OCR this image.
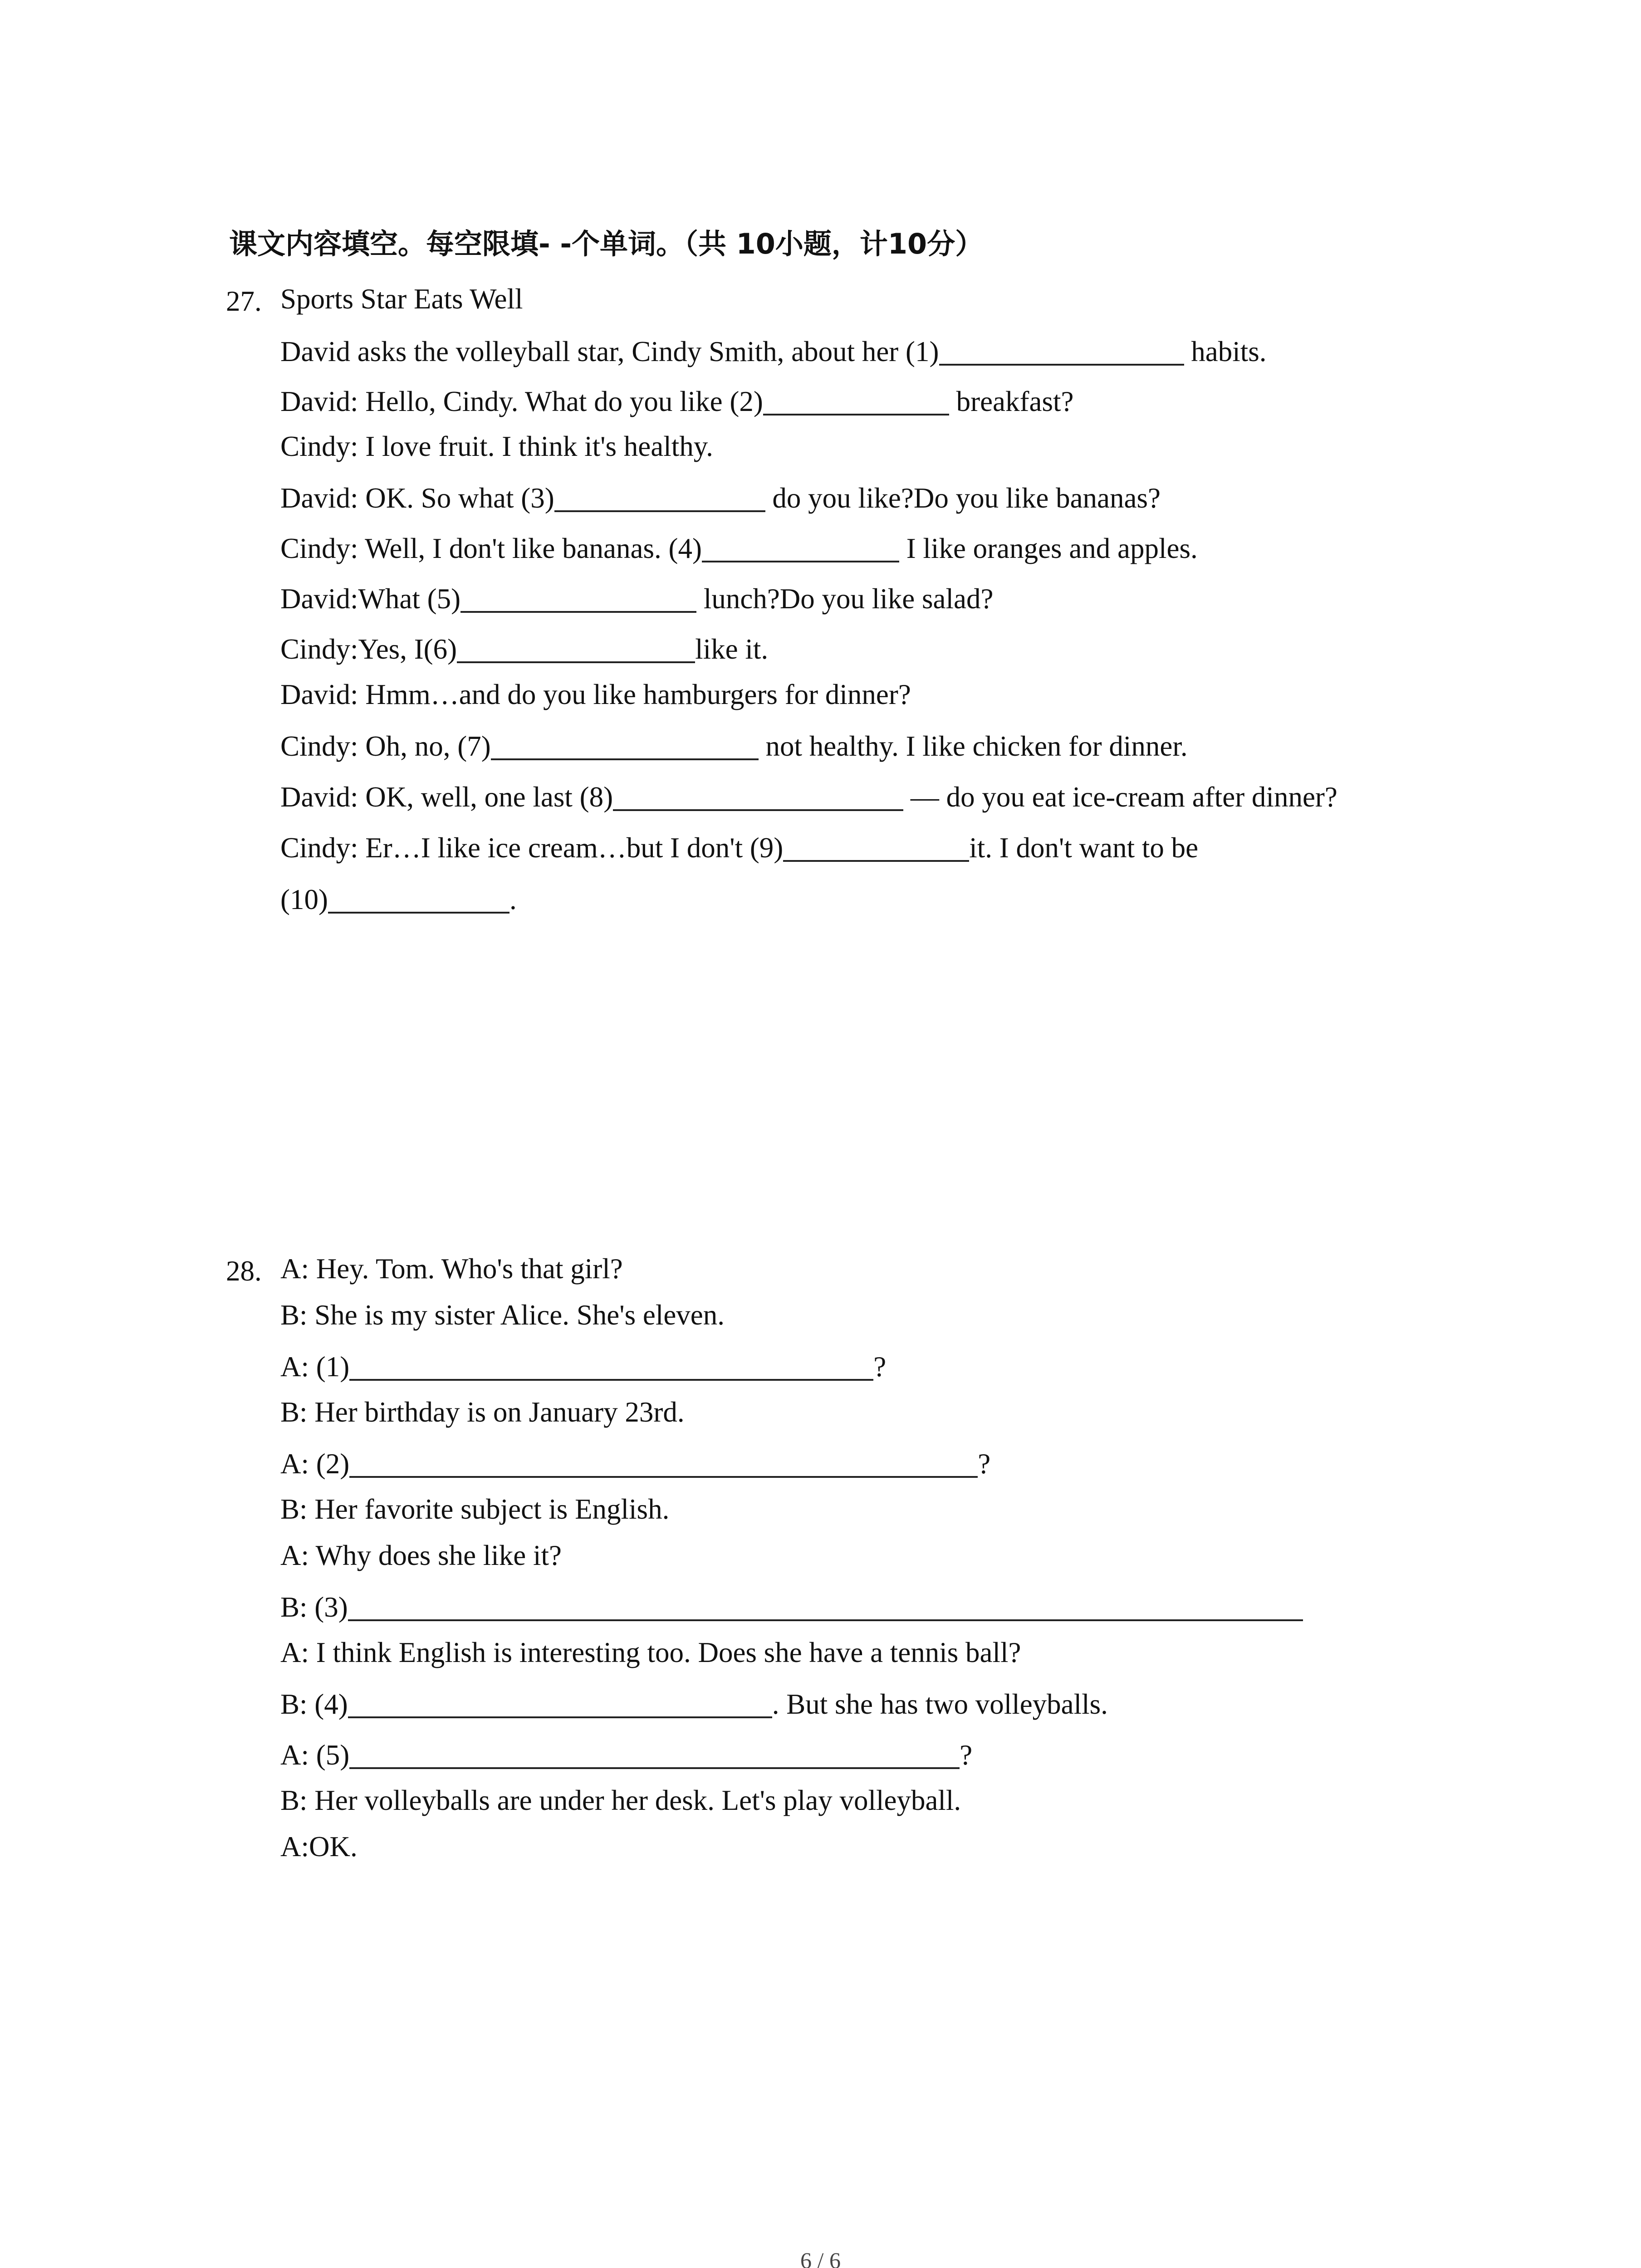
课文内容填空。每空限填- -个单词。（共 10小题，计10分）
27. Sports Star Eats Well
David asks the volleyball star, Cindy Smith, about her (1)	habits.
David: Hello, Cindy. What do you like (2)	breakfast?
Cindy: I love fruit. I think it's healthy.
David: OK. So what (3)	do you like?Do you like bananas?
Cindy: Well, I don't like bananas. (4)	I like oranges and apples.
David:What (5)	lunch?Do you like salad?
Cindy:Yes, I(6)	like it.
David: Hmm…and do you like hamburgers for dinner?
Cindy: Oh, no, (7)	not healthy. I like chicken for dinner.
David: OK, well, one last (8)	— do you eat ice-cream after dinner?
Cindy: Er…I like ice cream…but I don't (9)	it. I don't want to be
(10)	.
28. A: Hey. Tom. Who's that girl?
B: She is my sister Alice. She's eleven.
A: (1)	?
B: Her birthday is on January 23rd.
A: (2)	?
B: Her favorite subject is English.
A: Why does she like it?
B: (3)
A: I think English is interesting too. Does she have a tennis ball?
B: (4)	. But she has two volleyballs.
A: (5)	?
B: Her volleyballs are under her desk. Let's play volleyball.
A:OK.
6 / 6
